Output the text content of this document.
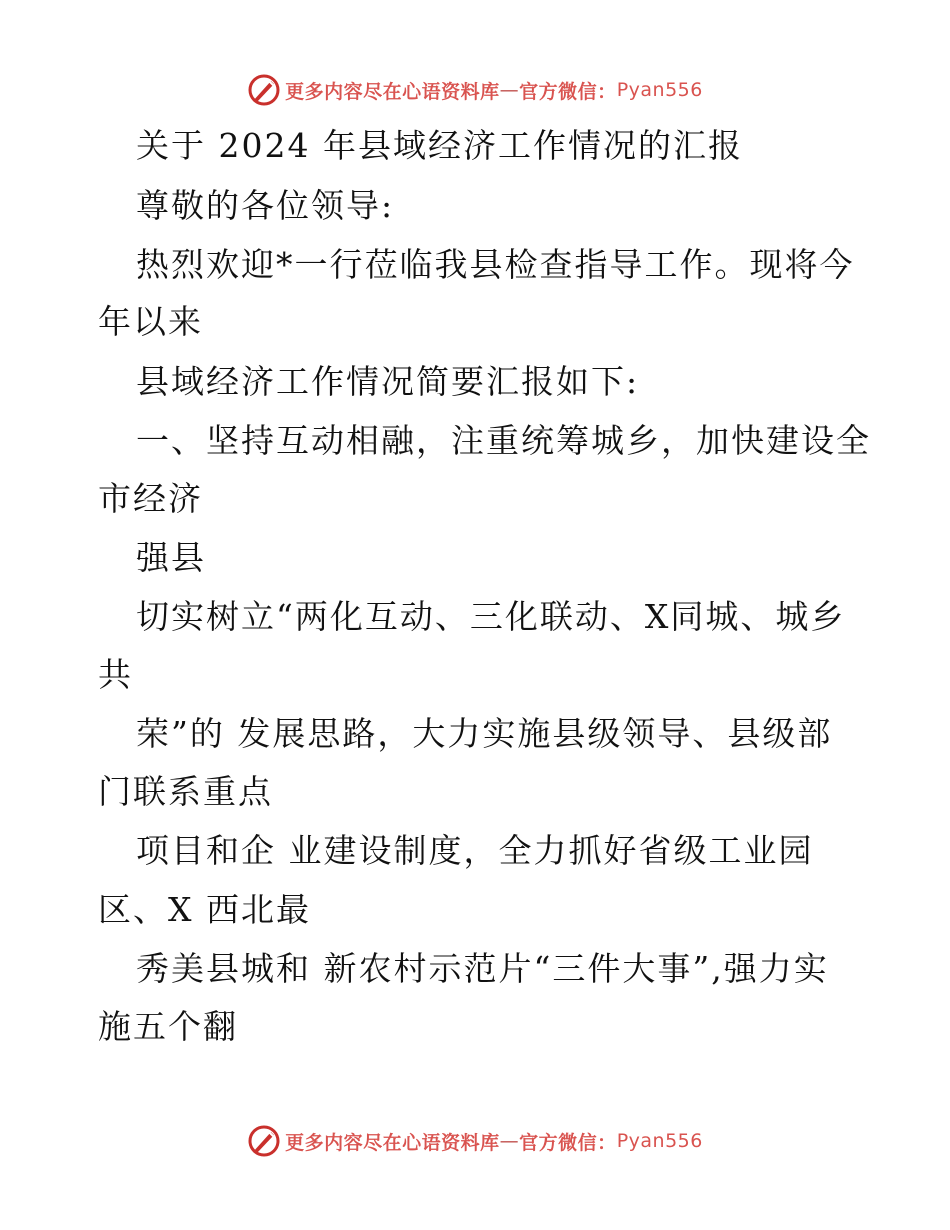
更多内容尽在心语资料库 — 官方微信： Pyan556
关于 2024 年县域经济工作情况的汇报
尊敬的各位领导:
热烈欢迎*一行莅临我县检查指导工作。现将今
年以来
县域经济工作情况简要汇报如下:
一、坚持互动相融，注重统筹城乡，加快建设全
市经济
强县
切实树立“两化互动、三化联动、X同城、城乡
共
荣”的 发展思路，大力实施县级领导、县级部
门联系重点
项目和企 业建设制度，全力抓好省级工业园
区、X 西北最
秀美县城和 新农村示范片“三件大事”,强力实
施五个翻
更多内容尽在心语资料库 — 官方微信： Pyan556
